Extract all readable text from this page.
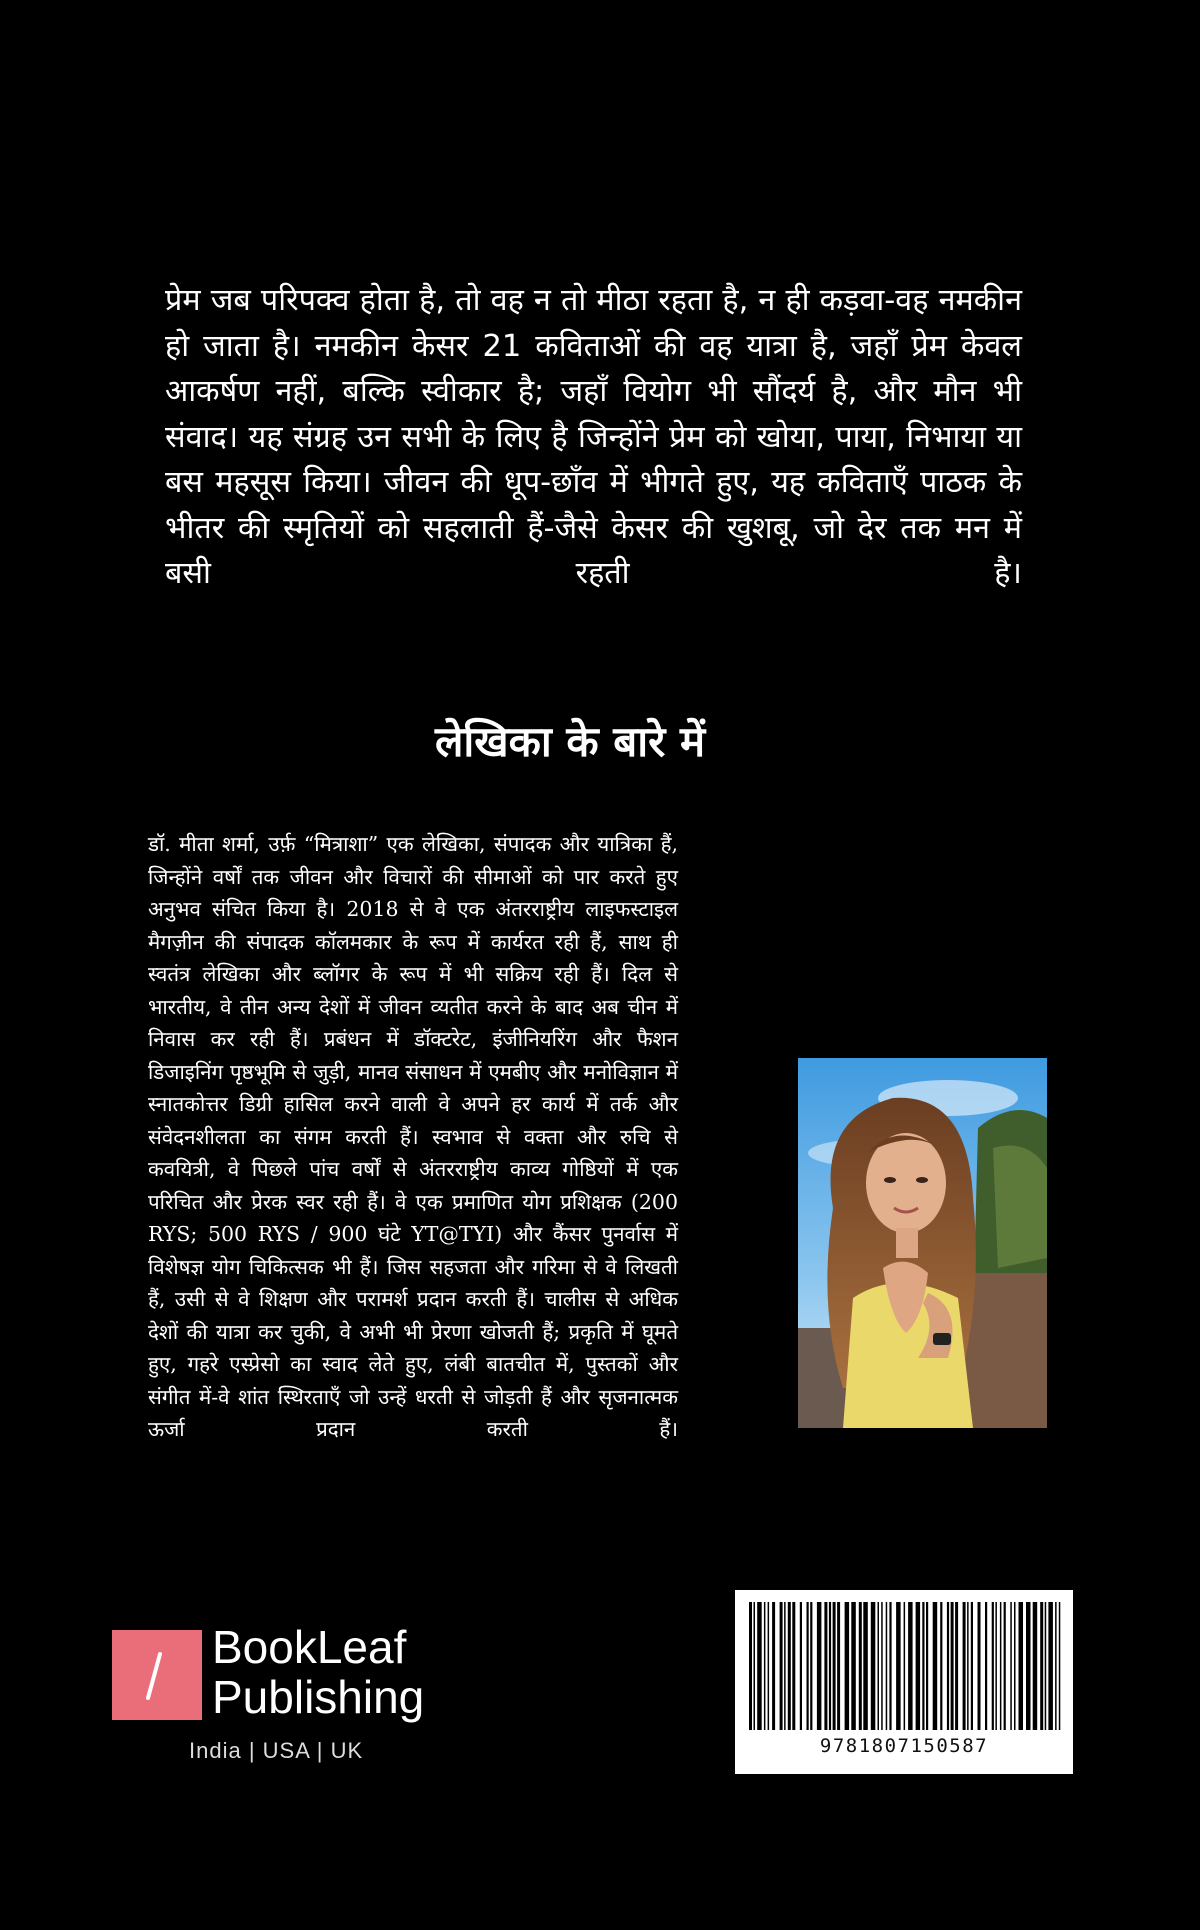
प्रेम जब परिपक्व होता है, तो वह न तो मीठा रहता है, न ही कड़वा-वह नमकीन हो जाता है। नमकीन केसर 21 कविताओं की वह यात्रा है, जहाँ प्रेम केवल आकर्षण नहीं, बल्कि स्वीकार है; जहाँ वियोग भी सौंदर्य है, और मौन भी संवाद। यह संग्रह उन सभी के लिए है जिन्होंने प्रेम को खोया, पाया, निभाया या बस महसूस किया। जीवन की धूप-छाँव में भीगते हुए, यह कविताएँ पाठक के भीतर की स्मृतियों को सहलाती हैं-जैसे केसर की खुशबू, जो देर तक मन में बसी रहती है।

लेखिका के बारे में

डॉ. मीता शर्मा, उर्फ़ “मित्राशा” एक लेखिका, संपादक और यात्रिका हैं, जिन्होंने वर्षों तक जीवन और विचारों की सीमाओं को पार करते हुए अनुभव संचित किया है। 2018 से वे एक अंतरराष्ट्रीय लाइफस्टाइल मैगज़ीन की संपादक कॉलमकार के रूप में कार्यरत रही हैं, साथ ही स्वतंत्र लेखिका और ब्लॉगर के रूप में भी सक्रिय रही हैं। दिल से भारतीय, वे तीन अन्य देशों में जीवन व्यतीत करने के बाद अब चीन में निवास कर रही हैं। प्रबंधन में डॉक्टरेट, इंजीनियरिंग और फैशन डिजाइनिंग पृष्ठभूमि से जुड़ी, मानव संसाधन में एमबीए और मनोविज्ञान में स्नातकोत्तर डिग्री हासिल करने वाली वे अपने हर कार्य में तर्क और संवेदनशीलता का संगम करती हैं। स्वभाव से वक्ता और रुचि से कवयित्री, वे पिछले पांच वर्षों से अंतरराष्ट्रीय काव्य गोष्ठियों में एक परिचित और प्रेरक स्वर रही हैं। वे एक प्रमाणित योग प्रशिक्षक (200 RYS; 500 RYS / 900 घंटे YT@TYI) और कैंसर पुनर्वास में विशेषज्ञ योग चिकित्सक भी हैं। जिस सहजता और गरिमा से वे लिखती हैं, उसी से वे शिक्षण और परामर्श प्रदान करती हैं। चालीस से अधिक देशों की यात्रा कर चुकी, वे अभी भी प्रेरणा खोजती हैं; प्रकृति में घूमते हुए, गहरे एस्प्रेसो का स्वाद लेते हुए, लंबी बातचीत में, पुस्तकों और संगीत में-वे शांत स्थिरताएँ जो उन्हें धरती से जोड़ती हैं और सृजनात्मक ऊर्जा प्रदान करती हैं।

BookLeaf
Publishing
India | USA | UK	9781807150587
